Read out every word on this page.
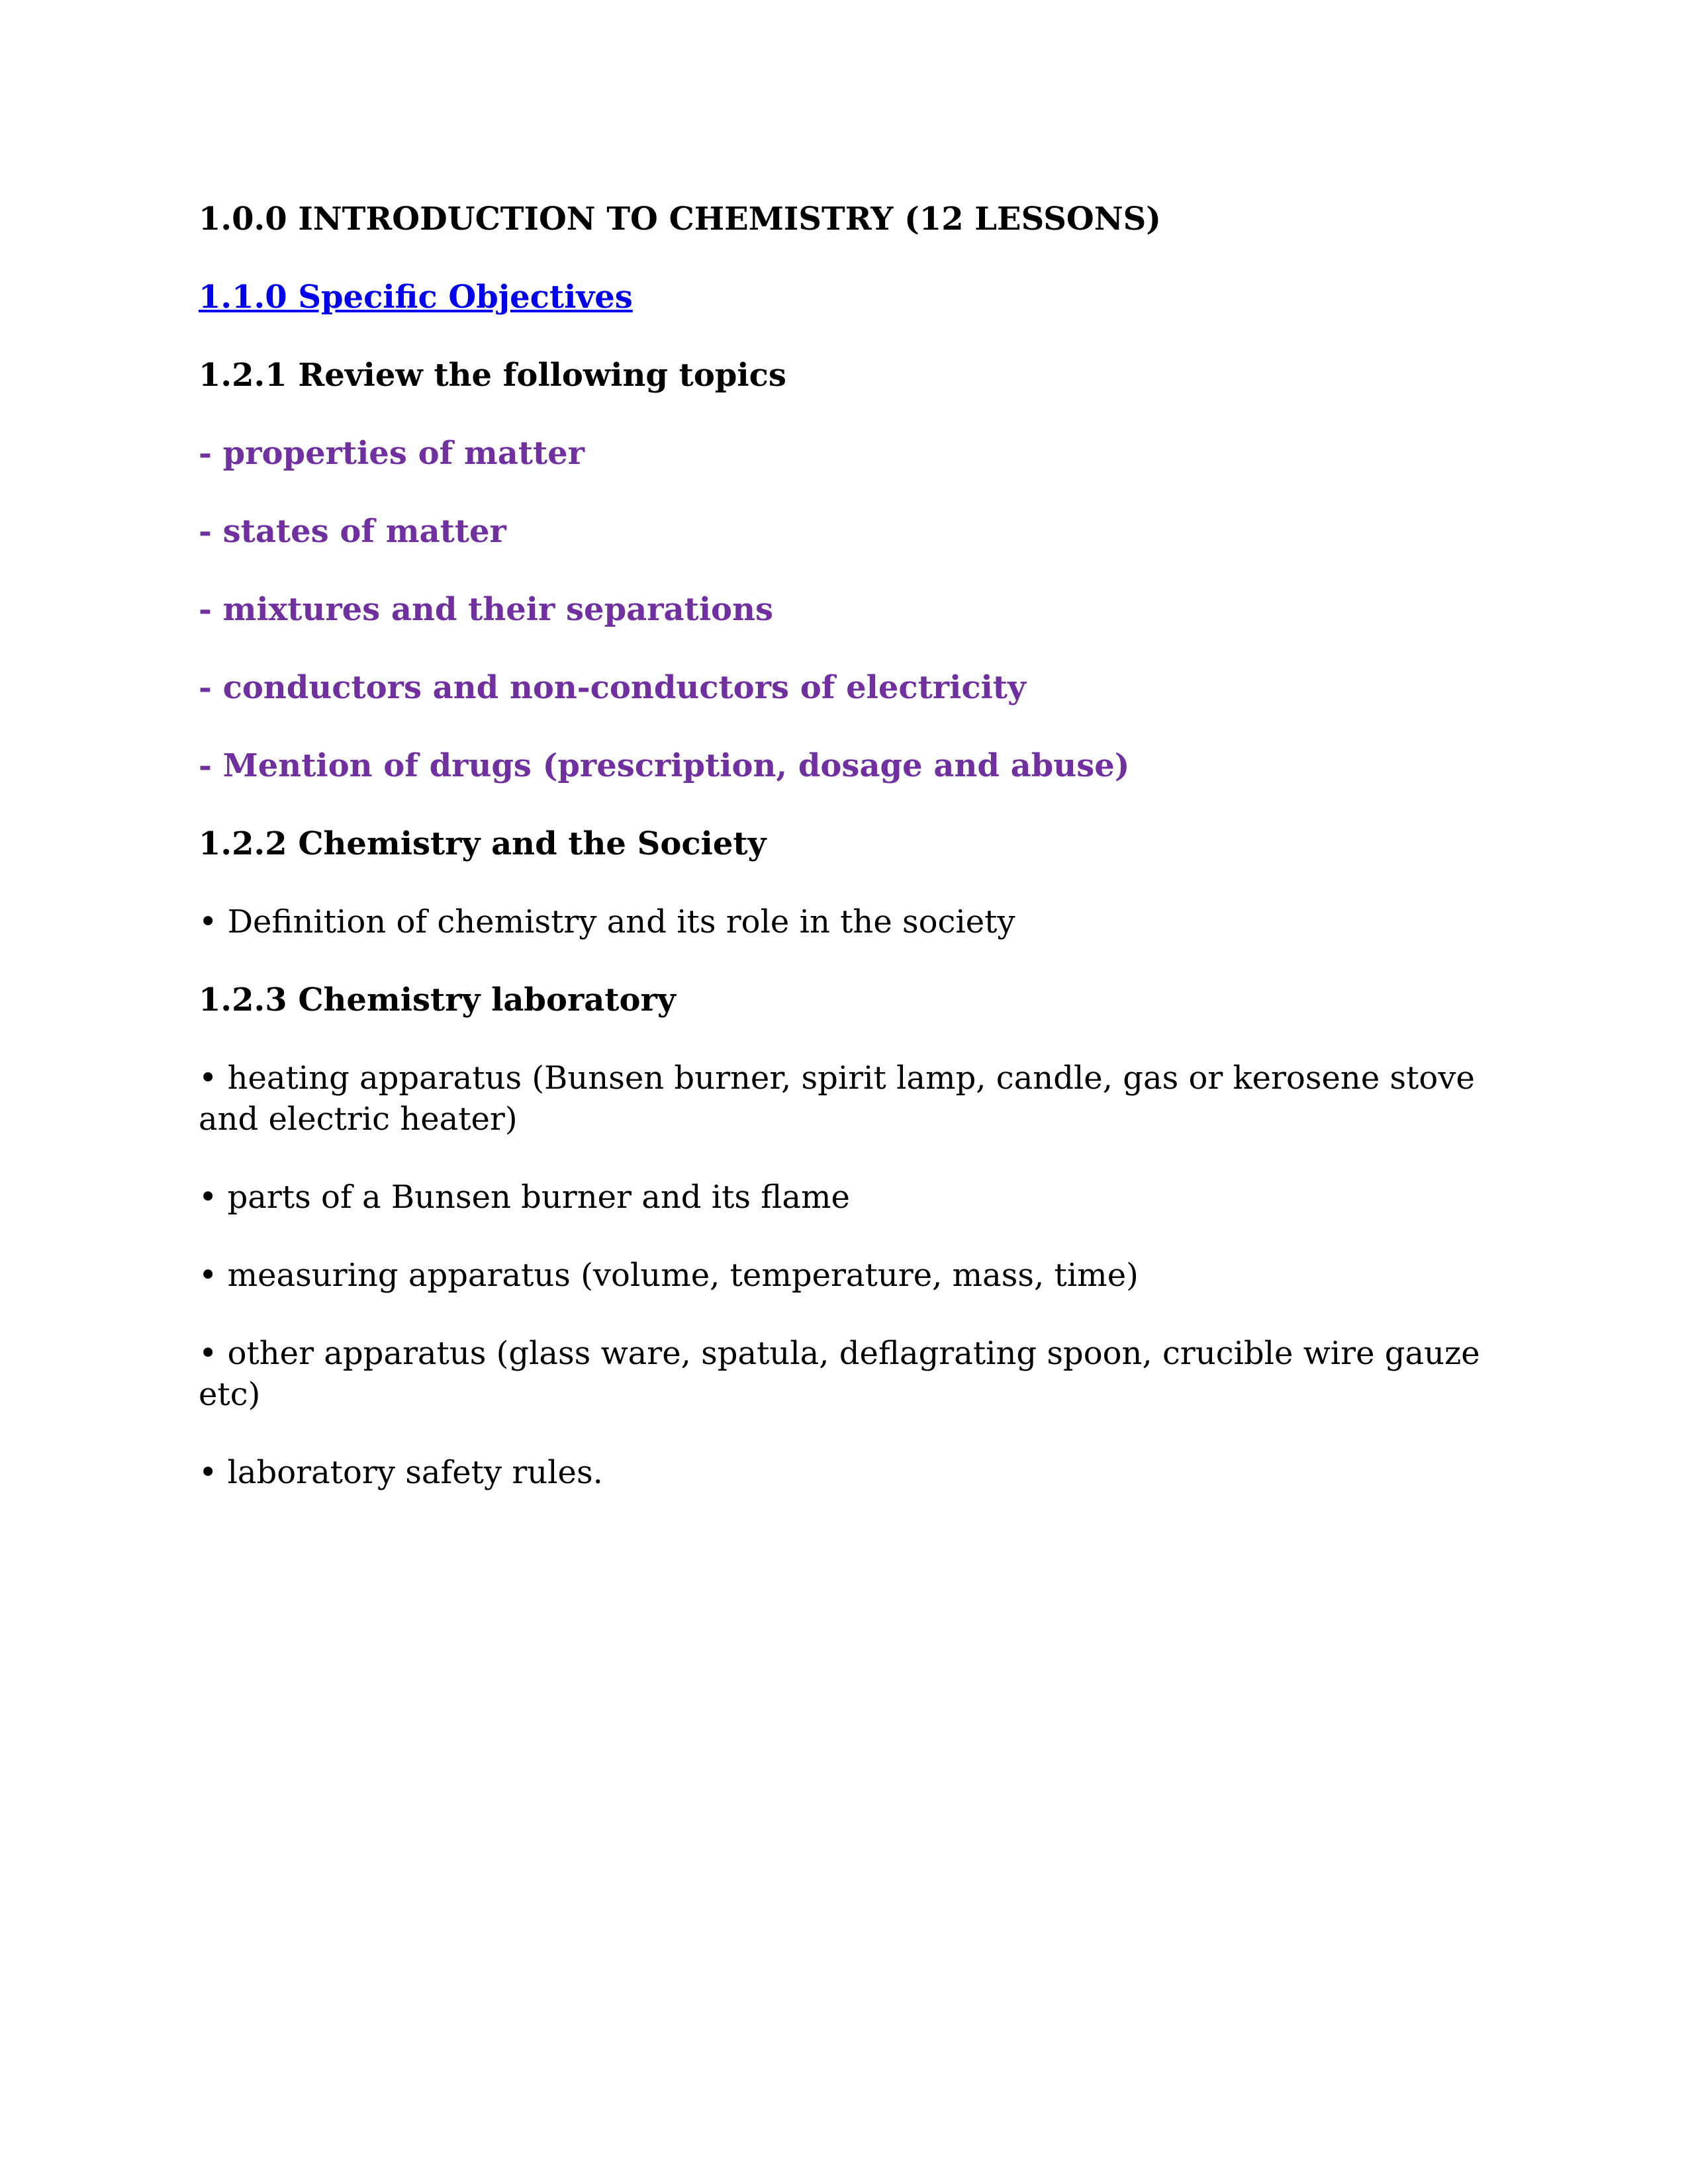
1.0.0 INTRODUCTION TO CHEMISTRY (12 LESSONS)

1.1.0 Specific Objectives

1.2.1 Review the following topics

- properties of matter

- states of matter

- mixtures and their separations

- conductors and non-conductors of electricity

- Mention of drugs (prescription, dosage and abuse)

1.2.2 Chemistry and the Society

• Definition of chemistry and its role in the society

1.2.3 Chemistry laboratory

• heating apparatus (Bunsen burner, spirit lamp, candle, gas or kerosene stove and electric heater)

• parts of a Bunsen burner and its flame

• measuring apparatus (volume, temperature, mass, time)

• other apparatus (glass ware, spatula, deflagrating spoon, crucible wire gauze etc)

• laboratory safety rules.
